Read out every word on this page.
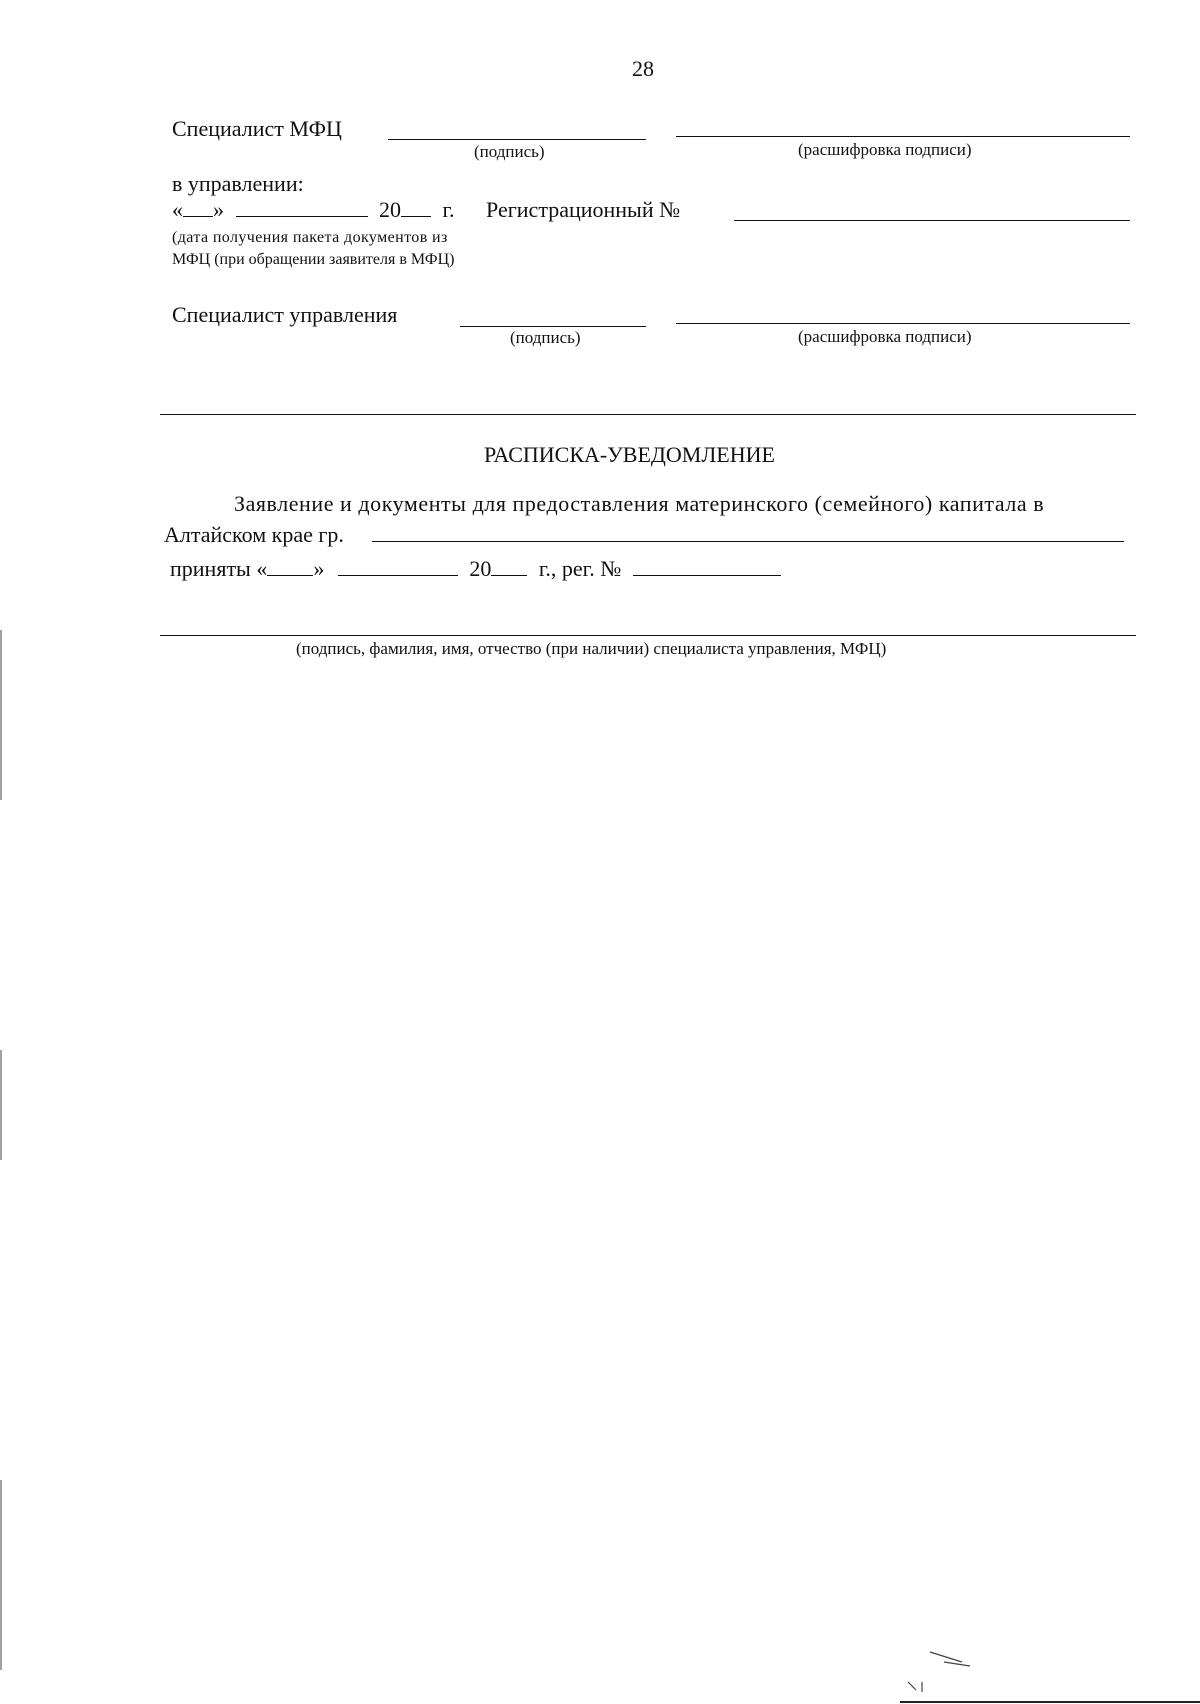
28
Специалист МФЦ
(подпись)	(расшифровка подписи)
в управлении:
« »	20 г. Регистрационный №
(дата получения пакета документов из
МФЦ (при обращении заявителя в МФЦ)
Специалист управления
(подпись)	(расшифровка подписи)
РАСПИСКА-УВЕДОМЛЕНИЕ
Заявление и документы для предоставления материнского (семейного) капитала в
Алтайском крае гр.
приняты « »	20 г., рег. №
(подпись, фамилия, имя, отчество (при наличии) специалиста управления, МФЦ)
